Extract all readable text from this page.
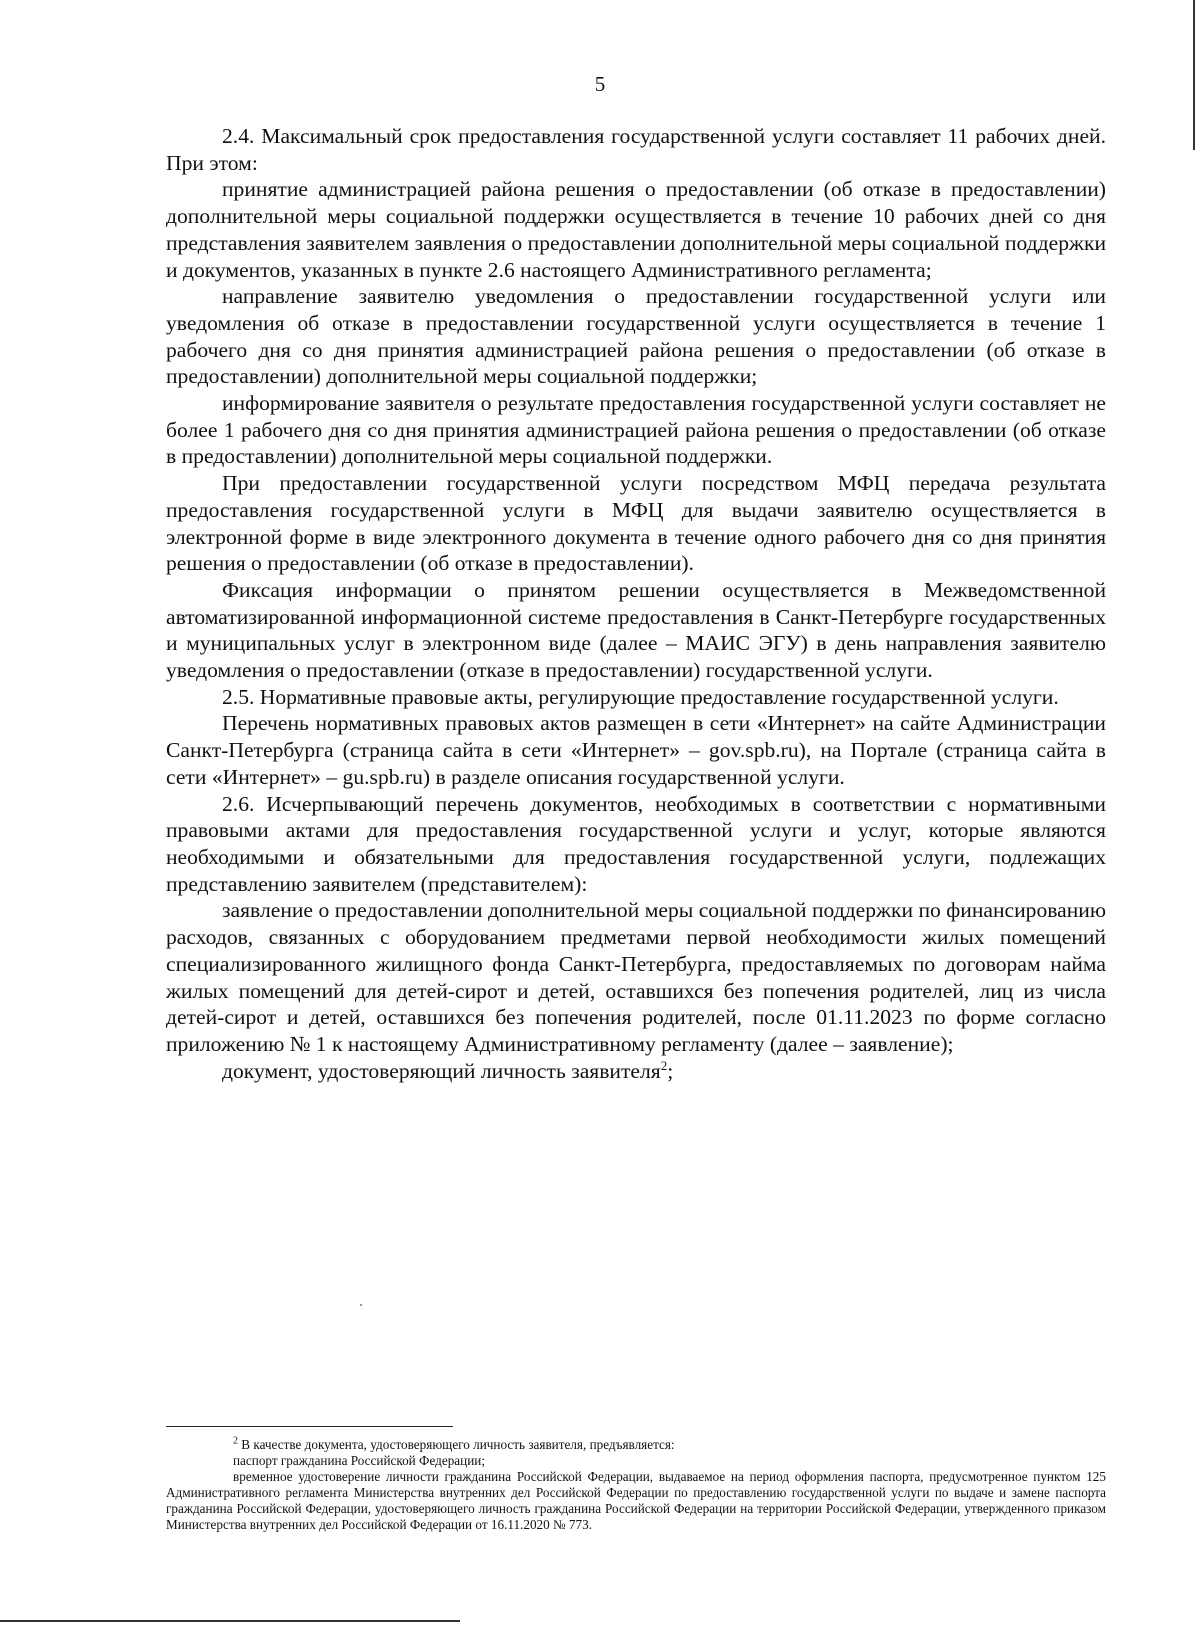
5

2.4. Максимальный срок предоставления государственной услуги составляет 11 рабочих дней. При этом:

принятие администрацией района решения о предоставлении (об отказе в предоставлении) дополнительной меры социальной поддержки осуществляется в течение 10 рабочих дней со дня представления заявителем заявления о предоставлении дополнительной меры социальной поддержки и документов, указанных в пункте 2.6 настоящего Административного регламента;

направление заявителю уведомления о предоставлении государственной услуги или уведомления об отказе в предоставлении государственной услуги осуществляется в течение 1 рабочего дня со дня принятия администрацией района решения о предоставлении (об отказе в предоставлении) дополнительной меры социальной поддержки;

информирование заявителя о результате предоставления государственной услуги составляет не более 1 рабочего дня со дня принятия администрацией района решения о предоставлении (об отказе в предоставлении) дополнительной меры социальной поддержки.

При предоставлении государственной услуги посредством МФЦ передача результата предоставления государственной услуги в МФЦ для выдачи заявителю осуществляется в электронной форме в виде электронного документа в течение одного рабочего дня со дня принятия решения о предоставлении (об отказе в предоставлении).

Фиксация информации о принятом решении осуществляется в Межведомственной автоматизированной информационной системе предоставления в Санкт-Петербурге государственных и муниципальных услуг в электронном виде (далее – МАИС ЭГУ) в день направления заявителю уведомления о предоставлении (отказе в предоставлении) государственной услуги.

2.5. Нормативные правовые акты, регулирующие предоставление государственной услуги.

Перечень нормативных правовых актов размещен в сети «Интернет» на сайте Администрации Санкт-Петербурга (страница сайта в сети «Интернет» – gov.spb.ru), на Портале (страница сайта в сети «Интернет» – gu.spb.ru) в разделе описания государственной услуги.

2.6. Исчерпывающий перечень документов, необходимых в соответствии с нормативными правовыми актами для предоставления государственной услуги и услуг, которые являются необходимыми и обязательными для предоставления государственной услуги, подлежащих представлению заявителем (представителем):

заявление о предоставлении дополнительной меры социальной поддержки по финансированию расходов, связанных с оборудованием предметами первой необходимости жилых помещений специализированного жилищного фонда Санкт-Петербурга, предоставляемых по договорам найма жилых помещений для детей-сирот и детей, оставшихся без попечения родителей, лиц из числа детей-сирот и детей, оставшихся без попечения родителей, после 01.11.2023 по форме согласно приложению № 1 к настоящему Административному регламенту (далее – заявление);

документ, удостоверяющий личность заявителя$^2$;

$^2$ В качестве документа, удостоверяющего личность заявителя, предъявляется:

паспорт гражданина Российской Федерации;

временное удостоверение личности гражданина Российской Федерации, выдаваемое на период оформления паспорта, предусмотренное пунктом 125 Административного регламента Министерства внутренних дел Российской Федерации по предоставлению государственной услуги по выдаче и замене паспорта гражданина Российской Федерации, удостоверяющего личность гражданина Российской Федерации на территории Российской Федерации, утвержденного приказом Министерства внутренних дел Российской Федерации от 16.11.2020 № 773.
